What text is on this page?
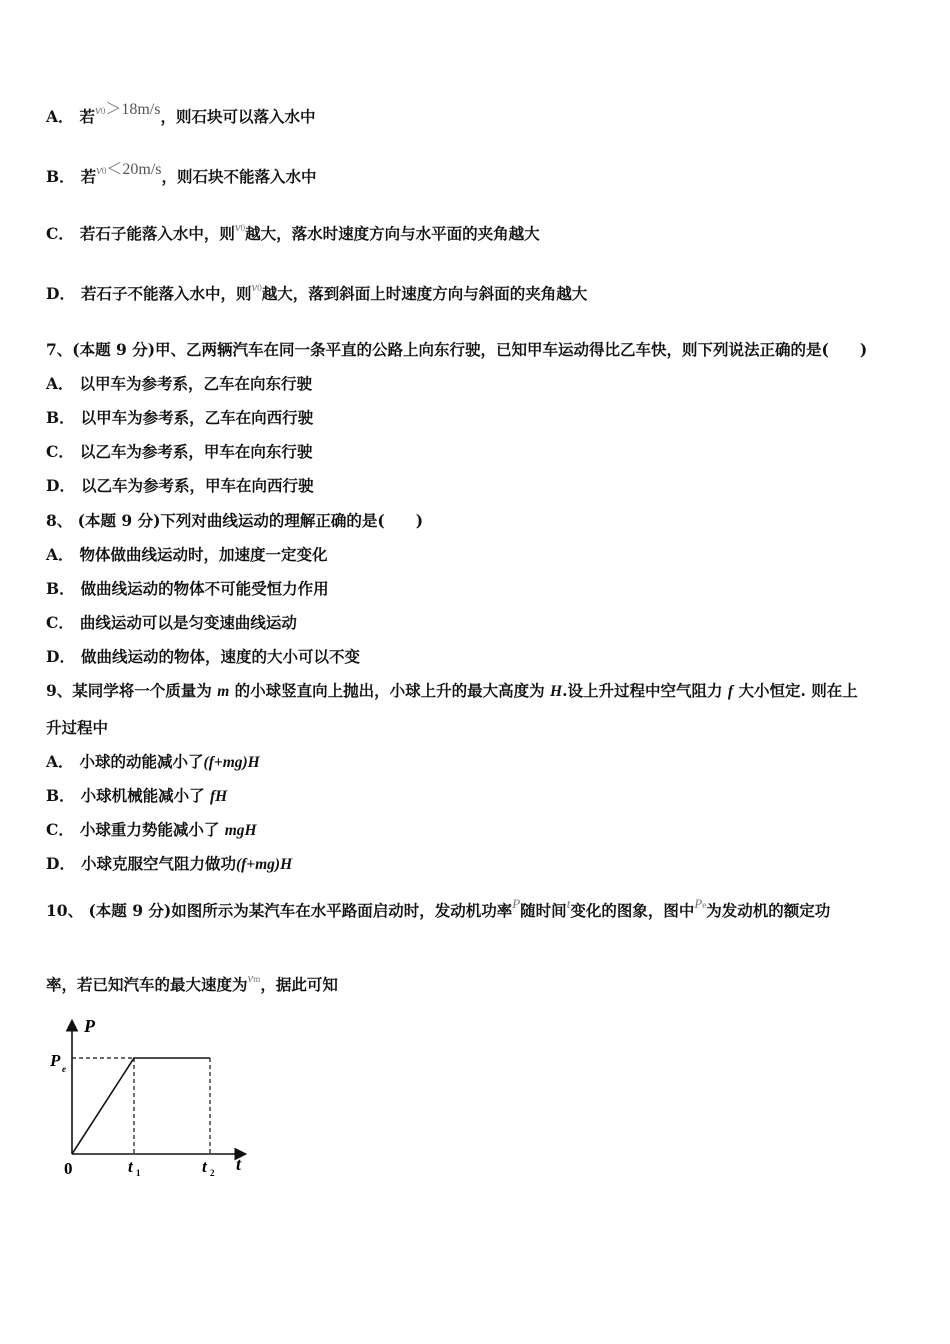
A． 若$^{v0}$＞18m/s，则石块可以落入水中
B． 若$^{v0}$＜20m/s，则石块不能落入水中
C． 若石子能落入水中，则$^{v0}$越大，落水时速度方向与水平面的夹角越大
D． 若石子不能落入水中，则$^{v0}$越大，落到斜面上时速度方向与斜面的夹角越大
7、(本题 9 分)甲、乙两辆汽车在同一条平直的公路上向东行驶，已知甲车运动得比乙车快，则下列说法正确的是(　　)
A． 以甲车为参考系，乙车在向东行驶
B． 以甲车为参考系，乙车在向西行驶
C． 以乙车为参考系，甲车在向东行驶
D． 以乙车为参考系，甲车在向西行驶
8、 (本题 9 分)下列对曲线运动的理解正确的是(　　)
A． 物体做曲线运动时，加速度一定变化
B． 做曲线运动的物体不可能受恒力作用
C． 曲线运动可以是匀变速曲线运动
D． 做曲线运动的物体，速度的大小可以不变
9、某同学将一个质量为 m 的小球竖直向上抛出，小球上升的最大高度为 H.设上升过程中空气阻力 f 大小恒定. 则在上
升过程中
A． 小球的动能减小了(f+mg)H
B． 小球机械能减小了 fH
C． 小球重力势能减小了 mgH
D． 小球克服空气阻力做功(f+mg)H
10、 (本题 9 分)如图所示为某汽车在水平路面启动时，发动机功率$^P$随时间$^t$变化的图象，图中$^{Pe}$为发动机的额定功
率，若已知汽车的最大速度为$^{vm}$，据此可知
P
P e
0	t 1	t 2 t
